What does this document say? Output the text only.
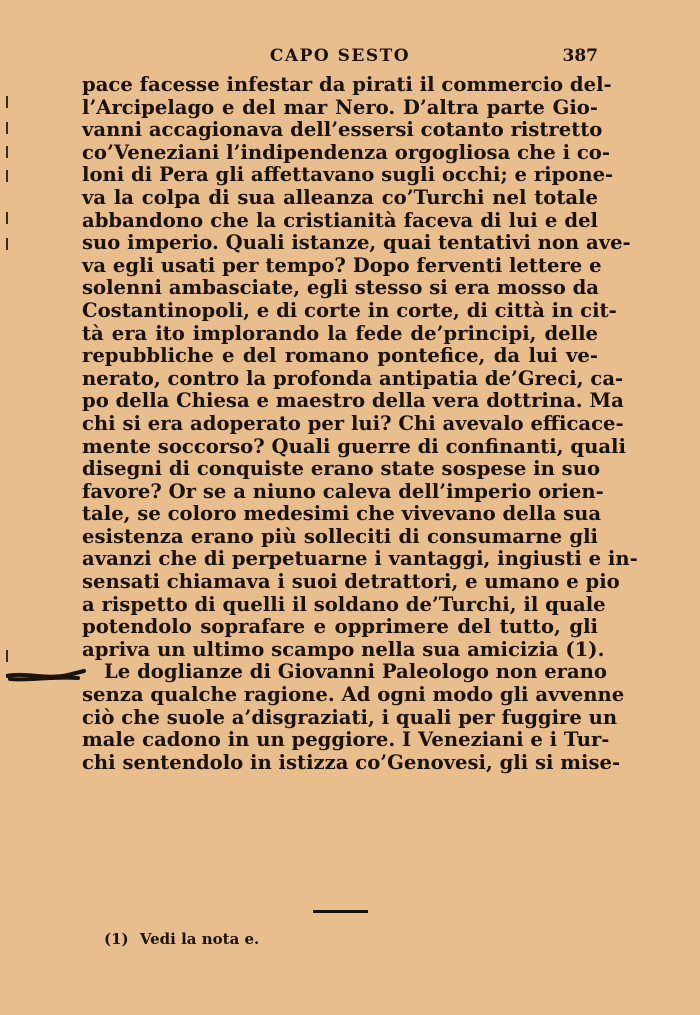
CAPO SESTO	387
pace facesse infestar da pirati il commercio del-
l’Arcipelago e del mar Nero. D’altra parte Gio-
vanni accagionava dell’essersi cotanto ristretto
co’Veneziani l’indipendenza orgogliosa che i co-
loni di Pera gli affettavano sugli occhi; e ripone-
va la colpa di sua alleanza co’Turchi nel totale
abbandono che la cristianità faceva di lui e del
suo imperio. Quali istanze, quai tentativi non ave-
va egli usati per tempo? Dopo ferventi lettere e
solenni ambasciate, egli stesso si era mosso da
Costantinopoli, e di corte in corte, di città in cit-
tà era ito implorando la fede de’principi, delle
repubbliche e del romano pontefice, da lui ve-
nerato, contro la profonda antipatia de’Greci, ca-
po della Chiesa e maestro della vera dottrina. Ma
chi si era adoperato per lui? Chi avevalo efficace-
mente soccorso? Quali guerre di confinanti, quali
disegni di conquiste erano state sospese in suo
favore? Or se a niuno caleva dell’imperio orien-
tale, se coloro medesimi che vivevano della sua
esistenza erano più solleciti di consumarne gli
avanzi che di perpetuarne i vantaggi, ingiusti e in-
sensati chiamava i suoi detrattori, e umano e pio
a rispetto di quelli il soldano de’Turchi, il quale
potendolo soprafare e opprimere del tutto, gli
apriva un ultimo scampo nella sua amicizia (1).
Le doglianze di Giovanni Paleologo non erano
senza qualche ragione. Ad ogni modo gli avvenne
ciò che suole a’disgraziati, i quali per fuggire un
male cadono in un peggiore. I Veneziani e i Tur-
chi sentendolo in istizza co’Genovesi, gli si mise-
(1) Vedi la nota e.
